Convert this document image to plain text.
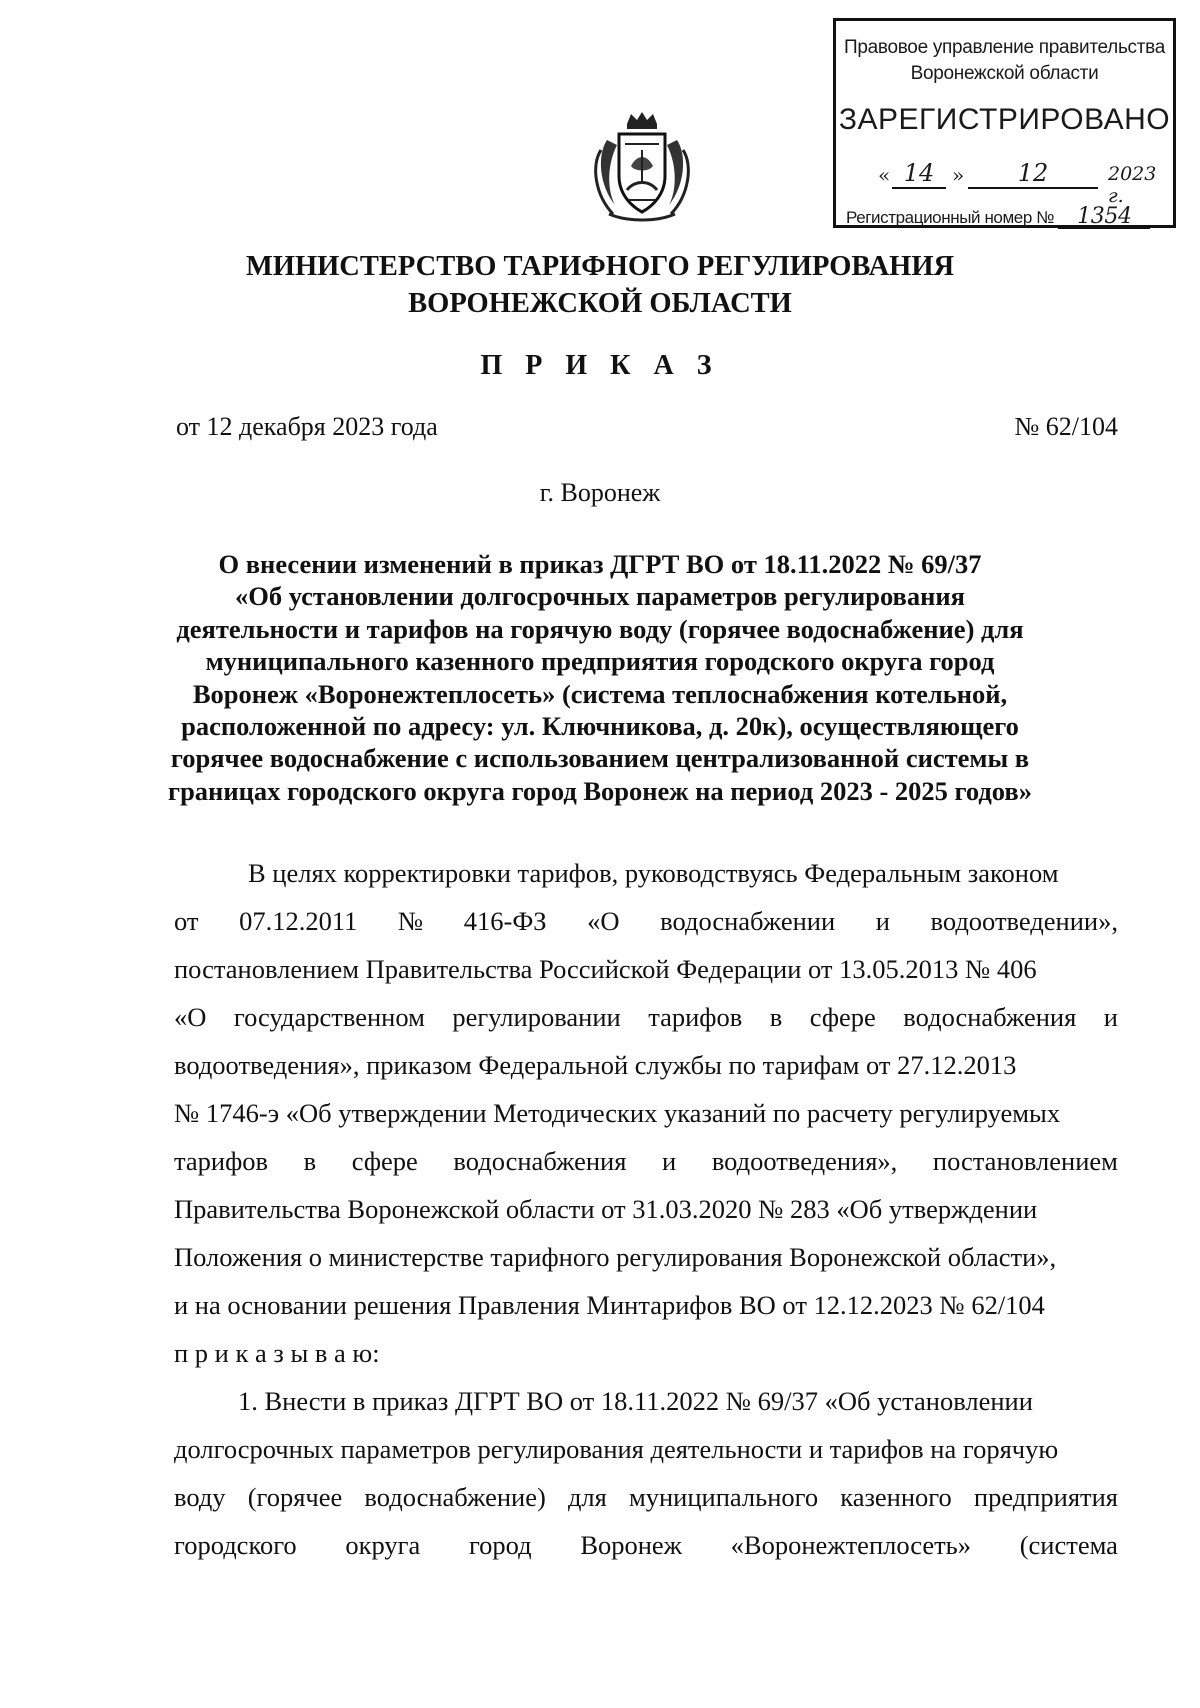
Правовое управление правительства
Воронежской области
ЗАРЕГИСТРИРОВАНО
« 14 »	12	2023 г.
Регистрационный номер № 1354
МИНИСТЕРСТВО ТАРИФНОГО РЕГУЛИРОВАНИЯ
ВОРОНЕЖСКОЙ ОБЛАСТИ
П Р И К А З
от 12 декабря 2023 года	№ 62/104
г. Воронеж
О внесении изменений в приказ ДГРТ ВО от 18.11.2022 № 69/37
«Об установлении долгосрочных параметров регулирования
деятельности и тарифов на горячую воду (горячее водоснабжение) для
муниципального казенного предприятия городского округа город
Воронеж «Воронежтеплосеть» (система теплоснабжения котельной,
расположенной по адресу: ул. Ключникова, д. 20к), осуществляющего
горячее водоснабжение с использованием централизованной системы в
границах городского округа город Воронеж на период 2023 - 2025 годов»
В целях корректировки тарифов, руководствуясь Федеральным законом
от 07.12.2011 № 416-ФЗ «О водоснабжении и водоотведении»,
постановлением Правительства Российской Федерации от 13.05.2013 № 406
«О государственном регулировании тарифов в сфере водоснабжения и
водоотведения», приказом Федеральной службы по тарифам от 27.12.2013
№ 1746-э «Об утверждении Методических указаний по расчету регулируемых
тарифов в сфере водоснабжения и водоотведения», постановлением
Правительства Воронежской области от 31.03.2020 № 283 «Об утверждении
Положения о министерстве тарифного регулирования Воронежской области»,
и на основании решения Правления Минтарифов ВО от 12.12.2023 № 62/104
п р и к а з ы в а ю:
1. Внести в приказ ДГРТ ВО от 18.11.2022 № 69/37 «Об установлении
долгосрочных параметров регулирования деятельности и тарифов на горячую
воду (горячее водоснабжение) для муниципального казенного предприятия
городского округа город Воронеж «Воронежтеплосеть» (система
